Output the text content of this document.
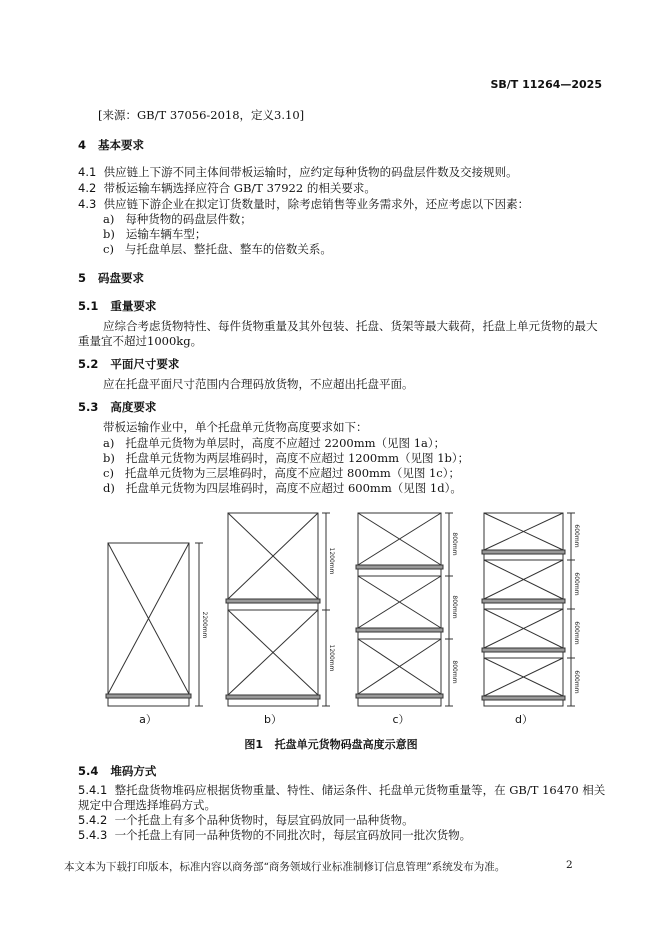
SB/T 11264—2025
[来源：GB/T 37056-2018，定义3.10]
4 基本要求
4.1 供应链上下游不同主体间带板运输时，应约定每种货物的码盘层件数及交接规则。
4.2 带板运输车辆选择应符合 GB/T 37922 的相关要求。
4.3 供应链下游企业在拟定订货数量时，除考虑销售等业务需求外，还应考虑以下因素：
a) 每种货物的码盘层件数；
b) 运输车辆车型；
c) 与托盘单层、整托盘、整车的倍数关系。
5 码盘要求
5.1 重量要求
应综合考虑货物特性、每件货物重量及其外包装、托盘、货架等最大载荷，托盘上单元货物的最大
重量宜不超过1000kg。
5.2 平面尺寸要求
应在托盘平面尺寸范围内合理码放货物，不应超出托盘平面。
5.3 高度要求
带板运输作业中，单个托盘单元货物高度要求如下：
a) 托盘单元货物为单层时，高度不应超过 2200mm（见图 1a）；
b) 托盘单元货物为两层堆码时，高度不应超过 1200mm（见图 1b）；
c) 托盘单元货物为三层堆码时，高度不应超过 800mm（见图 1c）；
d) 托盘单元货物为四层堆码时，高度不应超过 600mm（见图 1d）。
2200mm
1200mm
1200mm
800mm
800mm
800mm
600mm
600mm
600mm
600mm
a）	b）	c）	d）
图1 托盘单元货物码盘高度示意图
5.4 堆码方式
5.4.1 整托盘货物堆码应根据货物重量、特性、储运条件、托盘单元货物重量等，在 GB/T 16470 相关
规定中合理选择堆码方式。
5.4.2 一个托盘上有多个品种货物时，每层宜码放同一品种货物。
5.4.3 一个托盘上有同一品种货物的不同批次时，每层宜码放同一批次货物。
本文本为下载打印版本，标准内容以商务部“商务领域行业标准制修订信息管理”系统发布为准。	2
